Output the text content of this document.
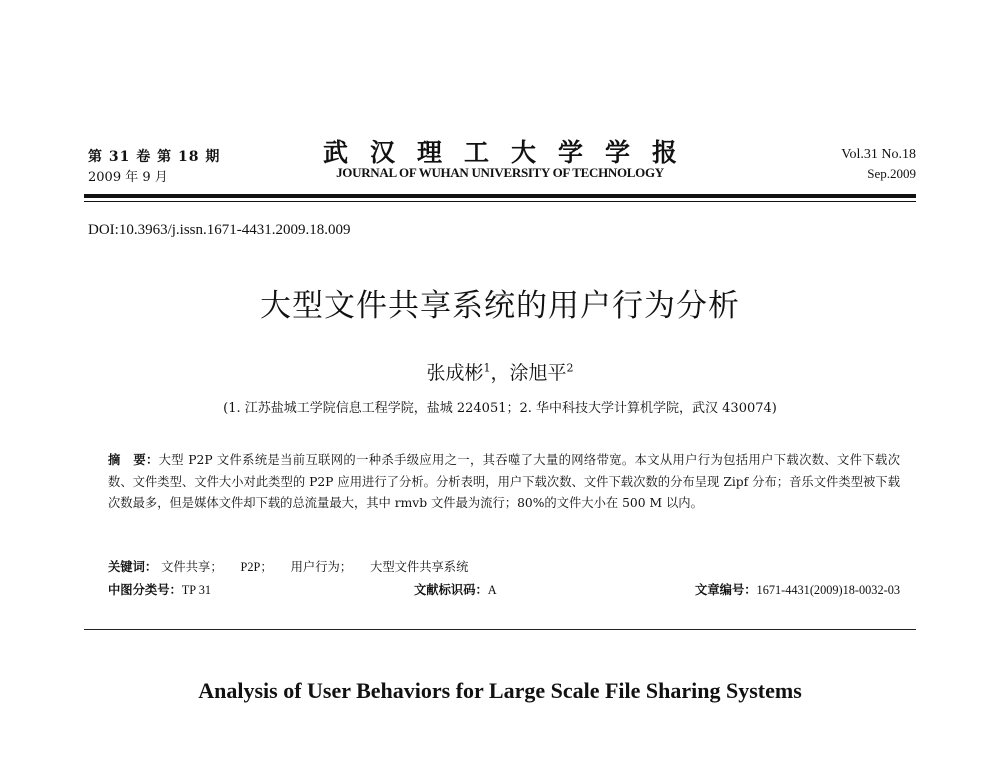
第 31 卷 第 18 期
2009 年 9 月
武汉理工大学学报
JOURNAL OF WUHAN UNIVERSITY OF TECHNOLOGY
Vol.31 No.18
Sep.2009
DOI:10.3963/j.issn.1671-4431.2009.18.009
大型文件共享系统的用户行为分析
张成彬$^1$，涂旭平$^2$
(1. 江苏盐城工学院信息工程学院，盐城 224051；2. 华中科技大学计算机学院，武汉 430074)
摘　要：大型 P2P 文件系统是当前互联网的一种杀手级应用之一，其吞噬了大量的网络带宽。本文从用户行为包括用户下载次数、文件下载次数、文件类型、文件大小对此类型的 P2P 应用进行了分析。分析表明，用户下载次数、文件下载次数的分布呈现 Zipf 分布；音乐文件类型被下载次数最多，但是媒体文件却下载的总流量最大，其中 rmvb 文件最为流行；80%的文件大小在 500 M 以内。
关键词： 文件共享； P2P； 用户行为； 大型文件共享系统
中图分类号：TP 31	文献标识码：A	文章编号：1671-4431(2009)18-0032-03
Analysis of User Behaviors for Large Scale File Sharing Systems
